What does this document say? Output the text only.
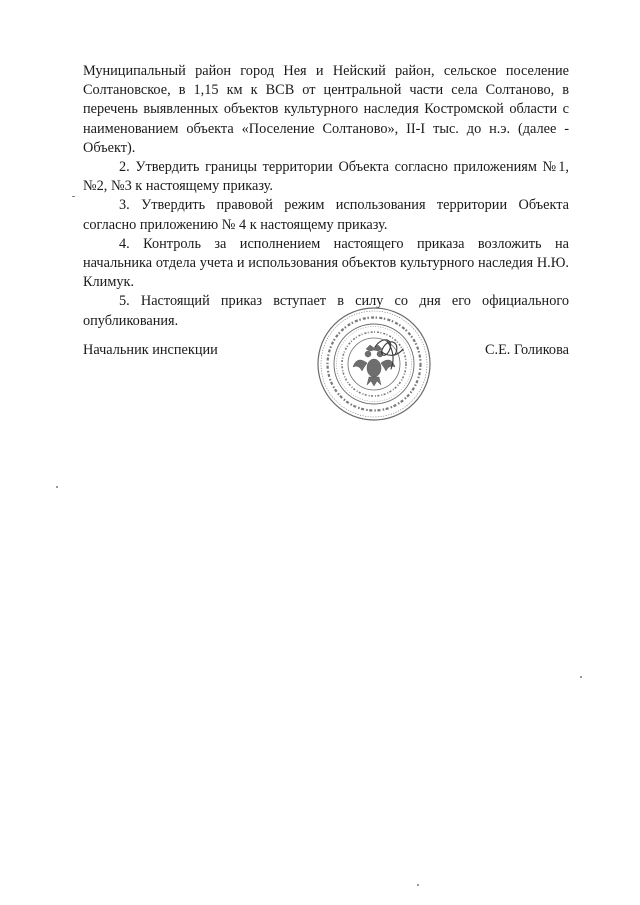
Муниципальный район город Нея и Нейский район, сельское поселение Солтановское, в 1,15 км к ВСВ от центральной части села Солтаново, в перечень выявленных объектов культурного наследия Костромской области с наименованием объекта «Поселение Солтаново», II-I тыс. до н.э. (далее - Объект).

2. Утвердить границы территории Объекта согласно приложениям №1, №2, №3 к настоящему приказу.

3. Утвердить правовой режим использования территории Объекта согласно приложению № 4 к настоящему приказу.

4. Контроль за исполнением настоящего приказа возложить на начальника отдела учета и использования объектов культурного наследия Н.Ю. Климук.

5. Настоящий приказ вступает в силу со дня его официального опубликования.

Начальник инспекции	С.Е. Голикова
